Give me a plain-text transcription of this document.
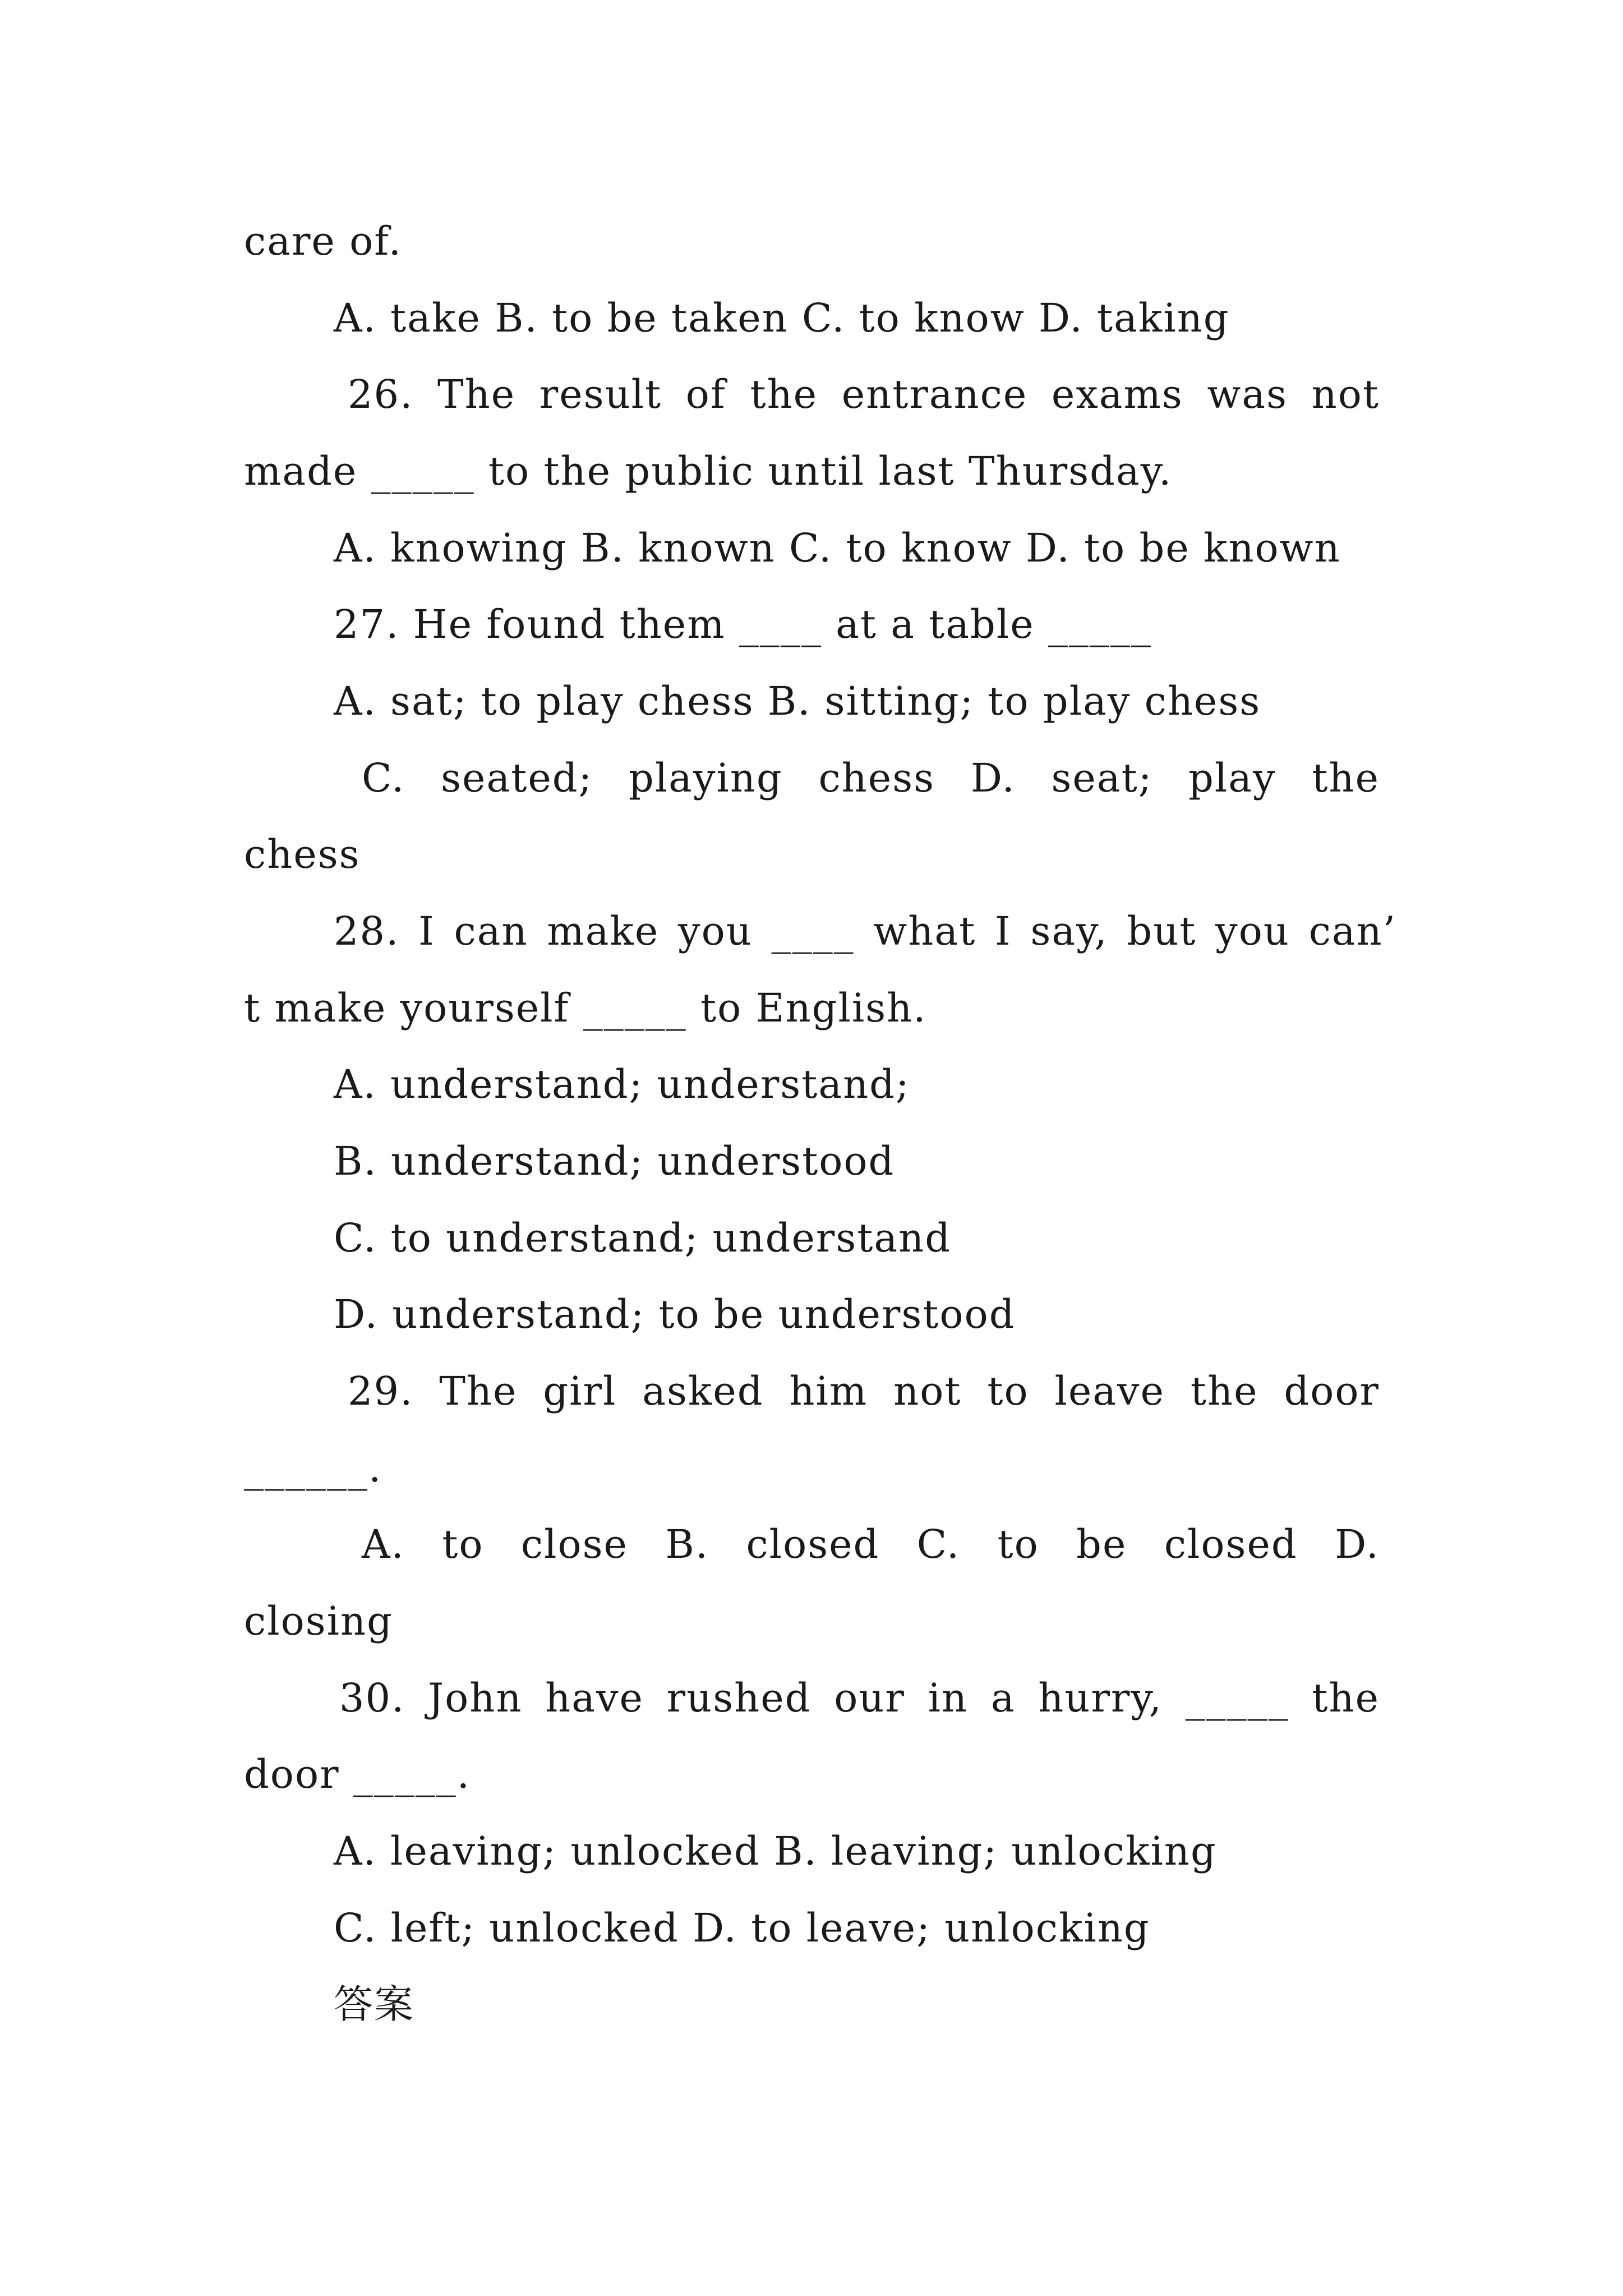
care of.
A. take B. to be taken C. to know D. taking
26. The result of the entrance exams was not
made _____ to the public until last Thursday.
A. knowing B. known C. to know D. to be known
27. He found them ____ at a table _____
A. sat; to play chess B. sitting; to play chess
C. seated; playing chess D. seat; play the
chess
28. I can make you ____ what I say, but you can’
t make yourself _____ to English.
A. understand; understand;
B. understand; understood
C. to understand; understand
D. understand; to be understood
29. The girl asked him not to leave the door
______.
A. to close B. closed C. to be closed D.
closing
30. John have rushed our in a hurry, _____ the
door _____.
A. leaving; unlocked B. leaving; unlocking
C. left; unlocked D. to leave; unlocking
答案
